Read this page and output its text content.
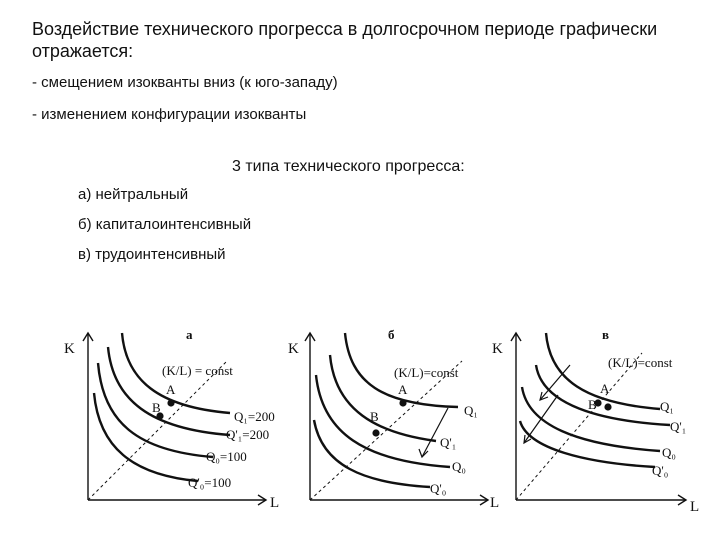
Воздействие технического прогресса в долгосрочном периоде графически отражается:
- смещением изокванты вниз (к юго-западу)
- изменением конфигурации изокванты
3 типа технического прогресса:
а) нейтральный
б) капиталоинтенсивный
в) трудоинтенсивный
K
L
а
(K/L) = const
A
B
Q₁=200
Q'₁=200
Q₀=100
Q'₀=100
K
L
б
(K/L)=const
A
B	Q₁
Q'₁
Q₀
Q'₀
K
L
в
(K/L)=const
A
B	Q₁
Q'₁
Q₀
Q'₀
